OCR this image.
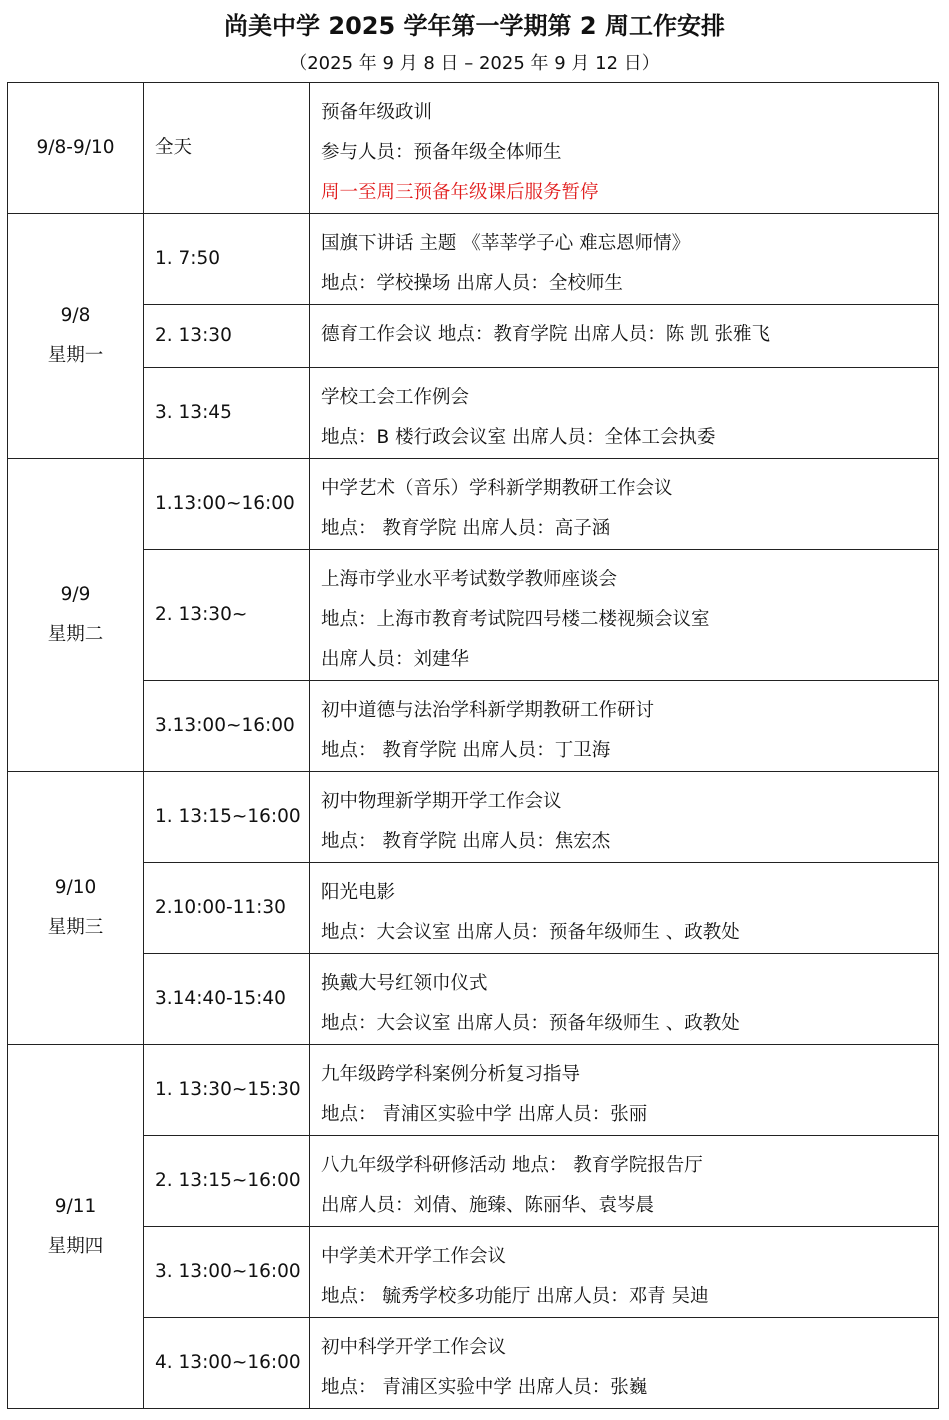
尚美中学 2025 学年第一学期第 2 周工作安排
（2025 年 9 月 8 日 – 2025 年 9 月 12 日）
9/8-9/10	全天	预备年级政训
参与人员：预备年级全体师生
周一至周三预备年级课后服务暂停

9/8
星期一	1. 7:50	国旗下讲话 主题 《莘莘学子心 难忘恩师情》
地点：学校操场 出席人员：全校师生

	2. 13:30	德育工作会议 地点：教育学院 出席人员：陈 凯 张雅飞

	3. 13:45	学校工会工作例会
地点：B 楼行政会议室 出席人员：全体工会执委

9/9
星期二	1.13:00~16:00	中学艺术（音乐）学科新学期教研工作会议
地点： 教育学院 出席人员：高子涵

	2. 13:30~	上海市学业水平考试数学教师座谈会
地点：上海市教育考试院四号楼二楼视频会议室
出席人员：刘建华

	3.13:00~16:00	初中道德与法治学科新学期教研工作研讨
地点： 教育学院 出席人员：丁卫海

9/10
星期三	1. 13:15~16:00	初中物理新学期开学工作会议
地点： 教育学院 出席人员：焦宏杰

	2.10:00-11:30	阳光电影
地点：大会议室 出席人员：预备年级师生 、政教处

	3.14:40-15:40	换戴大号红领巾仪式
地点：大会议室 出席人员：预备年级师生 、政教处

9/11
星期四	1. 13:30~15:30	九年级跨学科案例分析复习指导
地点： 青浦区实验中学 出席人员：张丽

	2. 13:15~16:00	八九年级学科研修活动 地点： 教育学院报告厅
出席人员：刘倩、施臻、陈丽华、袁岑晨

	3. 13:00~16:00	中学美术开学工作会议
地点： 毓秀学校多功能厅 出席人员：邓青 吴迪

	4. 13:00~16:00	初中科学开学工作会议
地点： 青浦区实验中学 出席人员：张巍
